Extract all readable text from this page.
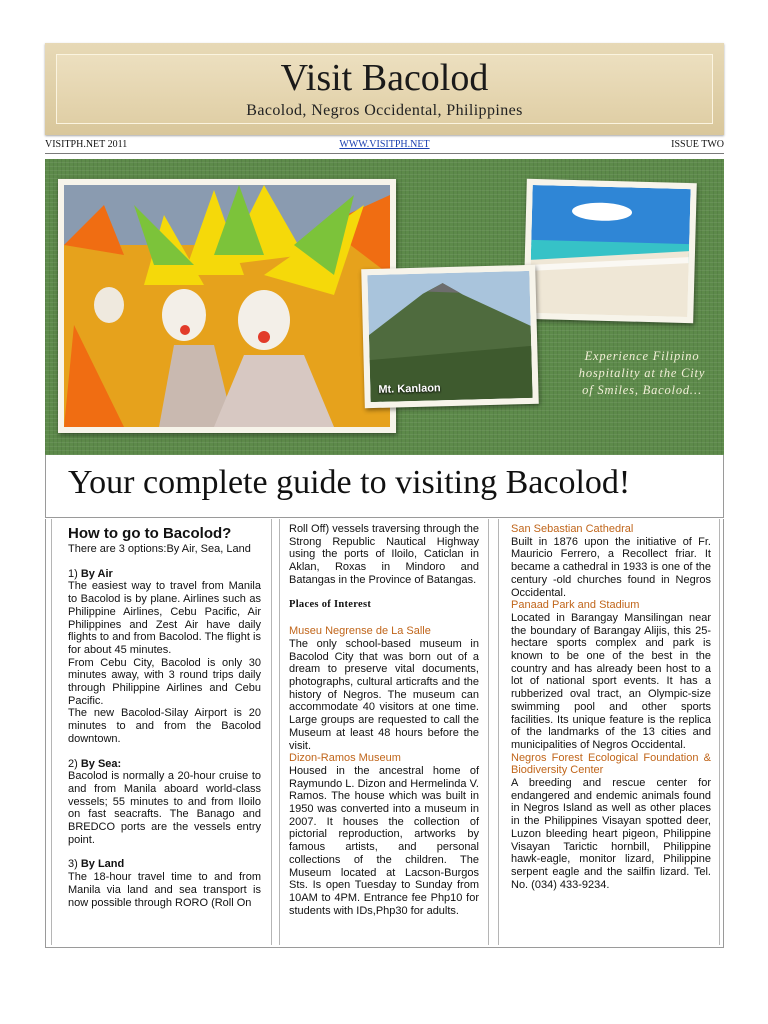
Visit Bacolod
Bacolod, Negros Occidental, Philippines
VISITPH.NET 2011	WWW.VISITPH.NET	ISSUE TWO
Mt. Kanlaon
Experience Filipino hospitality at the City of Smiles, Bacolod…
Your complete guide to visiting Bacolod!

How to go to Bacolod?

There are 3 options:By Air, Sea, Land

1) By Air

The easiest way to travel from Manila to Bacolod is by plane. Airlines such as Philippine Airlines, Cebu Pacific, Air Philippines and Zest Air have daily flights to and from Bacolod. The flight is for about 45 minutes.

From Cebu City, Bacolod is only 30 minutes away, with 3 round trips daily through Philippine Airlines and Cebu Pacific.

The new Bacolod-Silay Airport is 20 minutes to and from the Bacolod downtown.

2) By Sea:

Bacolod is normally a 20-hour cruise to and from Manila aboard world-class vessels; 55 minutes to and from Iloilo on fast seacrafts. The Banago and BREDCO ports are the vessels entry point.

3) By Land

The 18-hour travel time to and from Manila via land and sea transport is now possible through RORO (Roll On

Roll Off) vessels traversing through the Strong Republic Nautical Highway using the ports of Iloilo, Caticlan in Aklan, Roxas in Mindoro and Batangas in the Province of Batangas.

Places of Interest

Museu Negrense de La Salle

The only school-based museum in Bacolod City that was born out of a dream to preserve vital documents, photographs, cultural articrafts and the history of Negros. The museum can accommodate 40 visitors at one time. Large groups are requested to call the Museum at least 48 hours before the visit.

Dizon-Ramos Museum

Housed in the ancestral home of Raymundo L. Dizon and Hermelinda V. Ramos. The house which was built in 1950 was converted into a museum in 2007. It houses the collection of pictorial reproduction, artworks by famous artists, and personal collections of the children. The Museum located at Lacson-Burgos Sts. Is open Tuesday to Sunday from 10AM to 4PM. Entrance fee Php10 for students with IDs,Php30 for adults.

San Sebastian Cathedral

Built in 1876 upon the initiative of Fr. Mauricio Ferrero, a Recollect friar. It became a cathedral in 1933 is one of the century -old churches found in Negros Occidental.

Panaad Park and Stadium

Located in Barangay Mansilingan near the boundary of Barangay Alijis, this 25-hectare sports complex and park is known to be one of the best in the country and has already been host to a lot of national sport events. It has a rubberized oval tract, an Olympic-size swimming pool and other sports facilities. Its unique feature is the replica of the landmarks of the 13 cities and municipalities of Negros Occidental.

Negros Forest Ecological Foundation & Biodiversity Center

A breeding and rescue center for endangered and endemic animals found in Negros Island as well as other places in the Philippines Visayan spotted deer, Luzon bleeding heart pigeon, Philippine Visayan Tarictic hornbill, Philippine hawk-eagle, monitor lizard, Philippine serpent eagle and the sailfin lizard. Tel. No. (034) 433-9234.
